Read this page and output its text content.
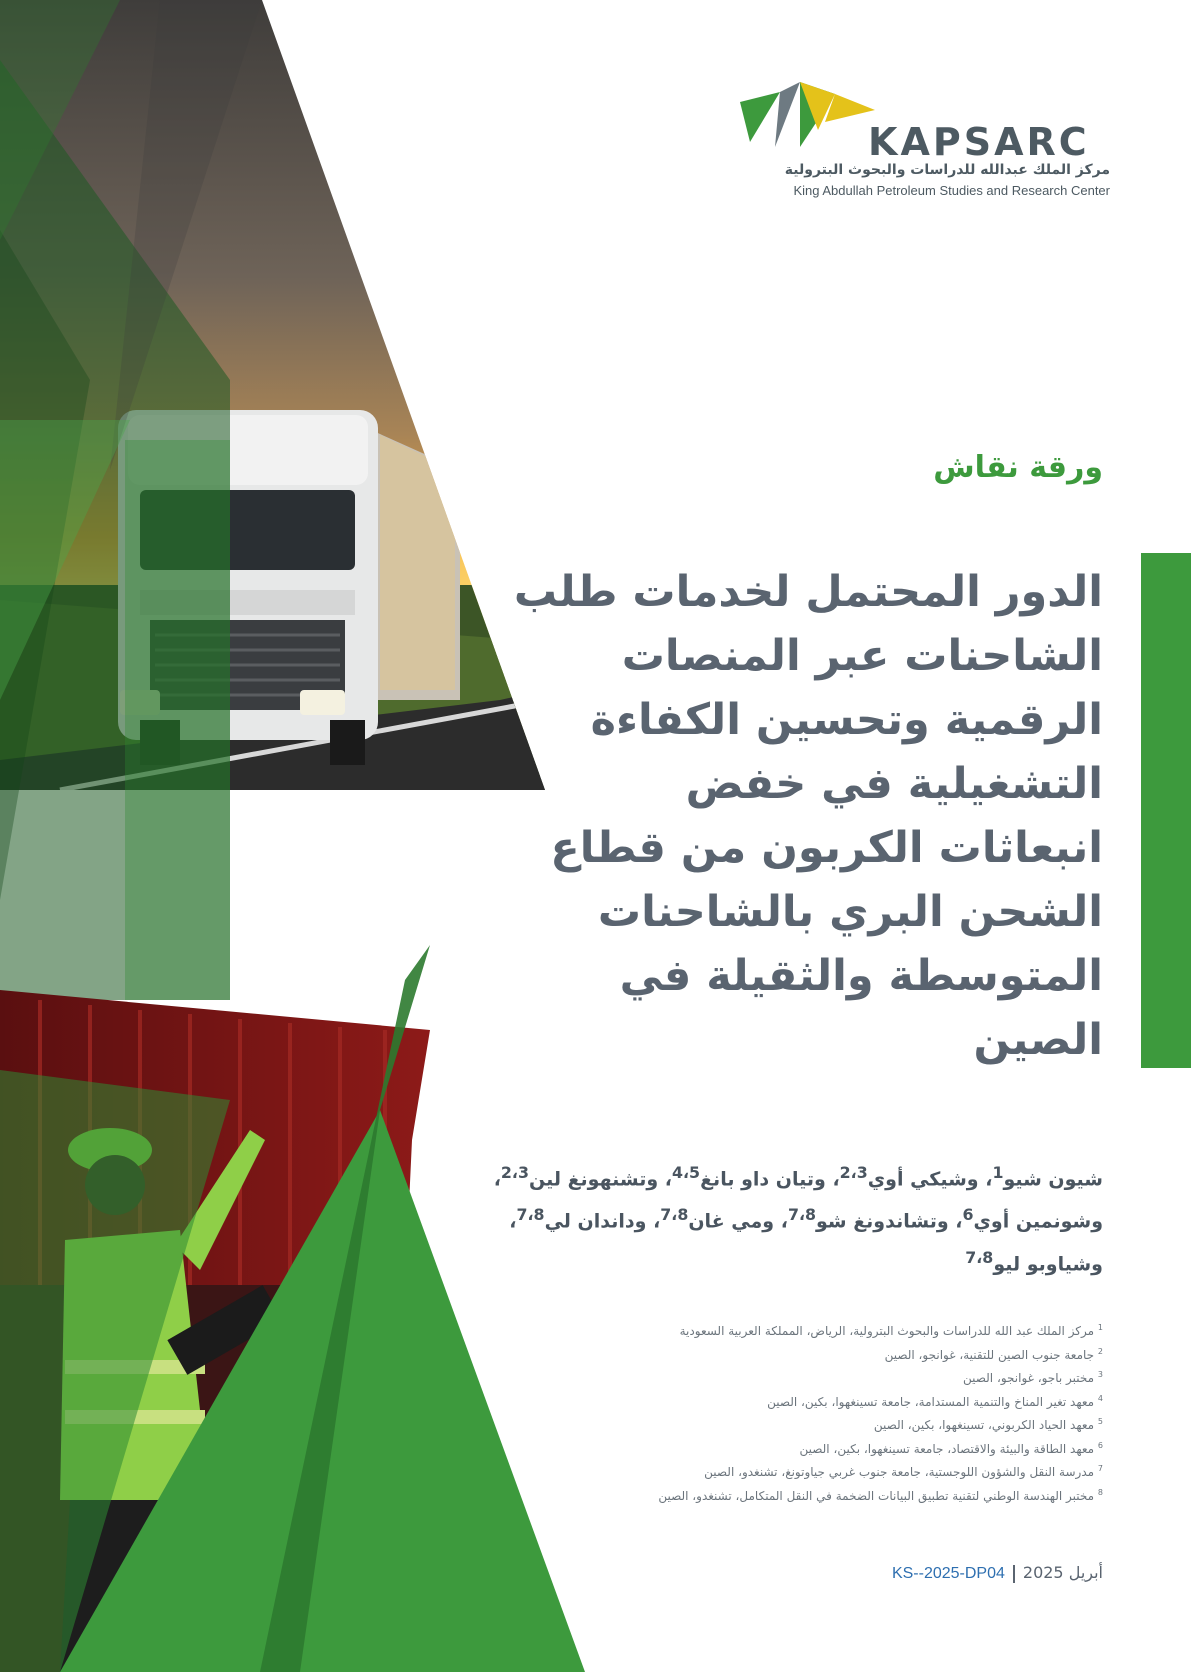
KAPSARC
مركز الملك عبدالله للدراسات والبحوث البترولية
King Abdullah Petroleum Studies and Research Center
ورقة نقاش
الدور المحتمل لخدمات طلب
الشاحنات عبر المنصات
الرقمية وتحسين الكفاءة
التشغيلية في خفض
انبعاثات الكربون من قطاع
الشحن البري بالشاحنات
المتوسطة والثقيلة في
الصين
شيون شيو$^1$، وشيكي أوي$^{2،3}$، وتيان داو بانغ$^{4،5}$، وتشنهونغ لين$^{2،3}$، وشونمين أوي$^6$، وتشاندونغ شو$^{7،8}$، ومي غان$^{7،8}$، وداندان لي$^{7،8}$، وشياوبو ليو$^{7،8}$
$^1$ مركز الملك عبد الله للدراسات والبحوث البترولية، الرياض، المملكة العربية السعودية
$^2$ جامعة جنوب الصين للتقنية، غوانجو، الصين
$^3$ مختبر باجو، غوانجو، الصين
$^4$ معهد تغير المناخ والتنمية المستدامة، جامعة تسينغهوا، بكين، الصين
$^5$ معهد الحياد الكربوني، تسينغهوا، بكين، الصين
$^6$ معهد الطاقة والبيئة والاقتصاد، جامعة تسينغهوا، بكين، الصين
$^7$ مدرسة النقل والشؤون اللوجستية، جامعة جنوب غربي جياوتونغ، تشنغدو، الصين
$^8$ مختبر الهندسة الوطني لتقنية تطبيق البيانات الضخمة في النقل المتكامل، تشنغدو، الصين
أبريل 2025KS--2025-DP04
